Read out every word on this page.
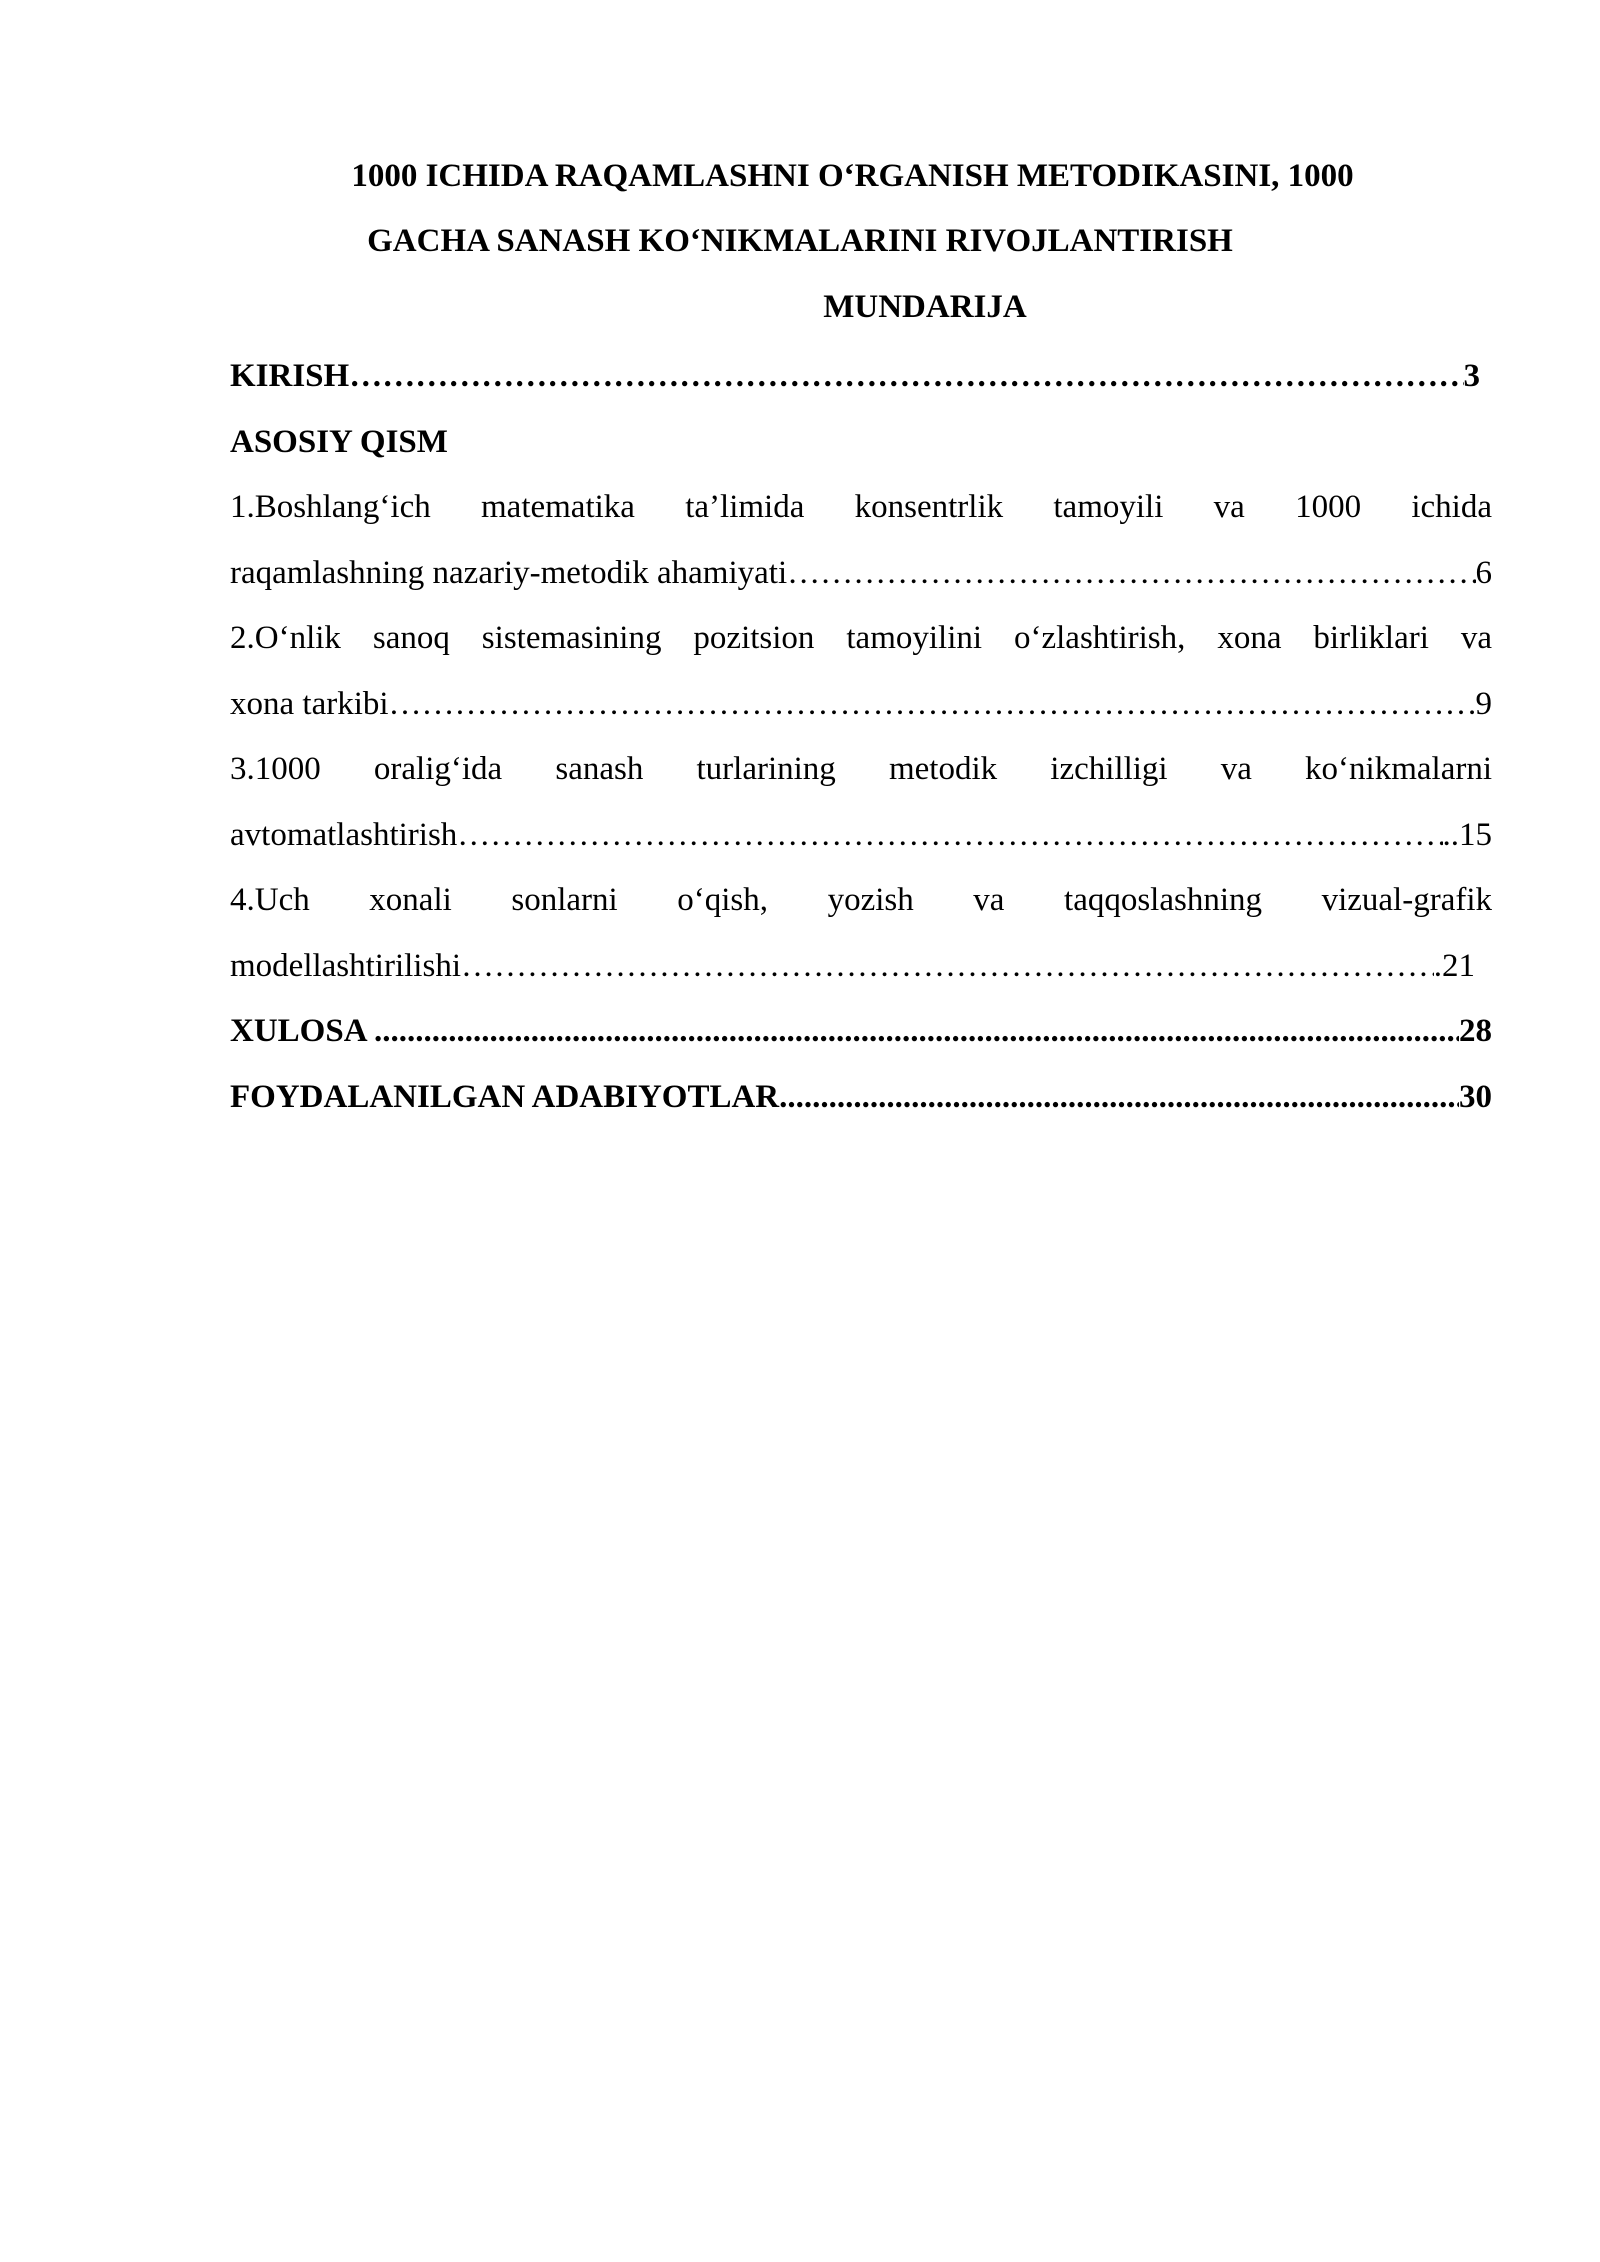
1000 ICHIDA RAQAMLASHNI O‘RGANISH METODIKASINI, 1000
GACHA SANASH KO‘NIKMALARINI RIVOJLANTIRISH
MUNDARIJA
KIRISH …………………………………………………………………………………………………………………………………………………………………………………………………………………………	3
ASOSIY QISM
1.Boshlang‘ich matematika ta’limida konsentrlik tamoyili va 1000 ichida
raqamlashning nazariy-metodik ahamiyati …………………………………………………………………………………………………………………………………………………………………………………………………………………………	6
2.O‘nlik sanoq sistemasining pozitsion tamoyilini o‘zlashtirish, xona birliklari va
xona tarkibi …………………………………………………………………………………………………………………………………………………………………………………………………………………………	9
3.1000 oralig‘ida sanash turlarining metodik izchilligi va ko‘nikmalarni
avtomatlashtirish …………………………………………………………………………………………………………………………………………………………………………………………………………………………	..15
4.Uch xonali sonlarni o‘qish, yozish va taqqoslashning vizual-grafik
modellashtirilishi …………………………………………………………………………………………………………………………………………………………………………………………………………………………	.21
XULOSA .....	28
FOYDALANILGAN ADABIYOTLAR .....	30
